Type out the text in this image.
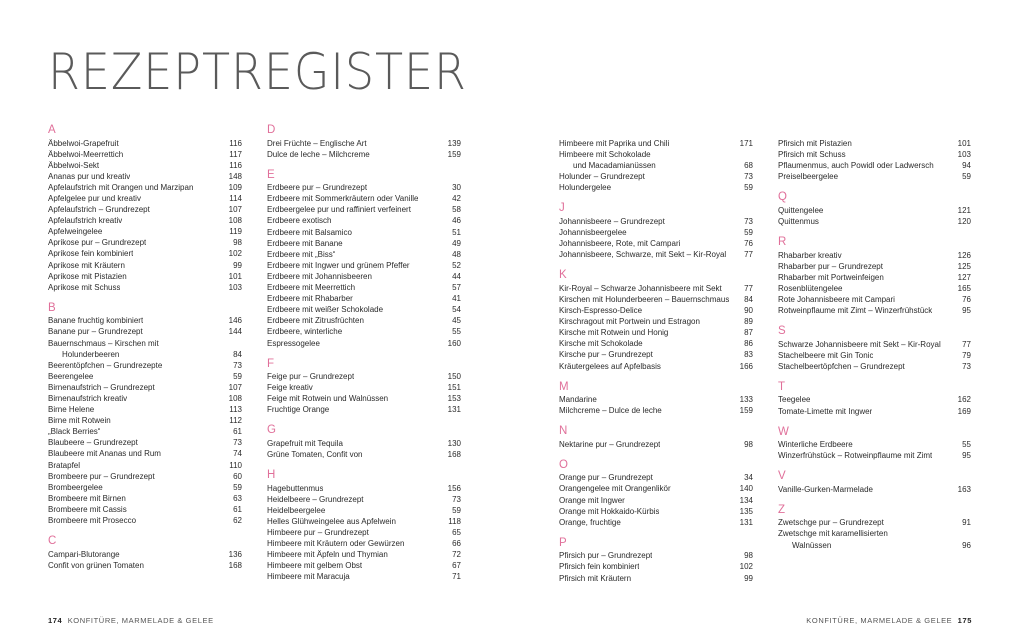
REZEPTREGISTER
A
Äbbelwoi-Grapefruit	116
Äbbelwoi-Meerrettich	117
Äbbelwoi-Sekt	116
Ananas pur und kreativ	148
Apfelaufstrich mit Orangen und Marzipan	109
Apfelgelee pur und kreativ	114
Apfelaufstrich – Grundrezept	107
Apfelaufstrich kreativ	108
Apfelweingelee	119
Aprikose pur – Grundrezept	98
Aprikose fein kombiniert	102
Aprikose mit Kräutern	99
Aprikose mit Pistazien	101
Aprikose mit Schuss	103
B
Banane fruchtig kombiniert	146
Banane pur – Grundrezept	144
Bauernschmaus – Kirschen mit
Holunderbeeren	84
Beerentöpfchen – Grundrezepte	73
Beerengelee	59
Birnenaufstrich – Grundrezept	107
Birnenaufstrich kreativ	108
Birne Helene	113
Birne mit Rotwein	112
„Black Berries“	61
Blaubeere – Grundrezept	73
Blaubeere mit Ananas und Rum	74
Bratapfel	110
Brombeere pur – Grundrezept	60
Brombeergelee	59
Brombeere mit Birnen	63
Brombeere mit Cassis	61
Brombeere mit Prosecco	62
C
Campari-Blutorange	136
Confit von grünen Tomaten	168
D
Drei Früchte – Englische Art	139
Dulce de leche – Milchcreme	159
E
Erdbeere pur – Grundrezept	30
Erdbeere mit Sommerkräutern oder Vanille	42
Erdbeergelee pur und raffiniert verfeinert	58
Erdbeere exotisch	46
Erdbeere mit Balsamico	51
Erdbeere mit Banane	49
Erdbeere mit „Biss“	48
Erdbeere mit Ingwer und grünem Pfeffer	52
Erdbeere mit Johannisbeeren	44
Erdbeere mit Meerrettich	57
Erdbeere mit Rhabarber	41
Erdbeere mit weißer Schokolade	54
Erdbeere mit Zitrusfrüchten	45
Erdbeere, winterliche	55
Espressogelee	160
F
Feige pur – Grundrezept	150
Feige kreativ	151
Feige mit Rotwein und Walnüssen	153
Fruchtige Orange	131
G
Grapefruit mit Tequila	130
Grüne Tomaten, Confit von	168
H
Hagebuttenmus	156
Heidelbeere – Grundrezept	73
Heidelbeergelee	59
Helles Glühweingelee aus Apfelwein	118
Himbeere pur – Grundrezept	65
Himbeere mit Kräutern oder Gewürzen	66
Himbeere mit Äpfeln und Thymian	72
Himbeere mit gelbem Obst	67
Himbeere mit Maracuja	71
Himbeere mit Paprika und Chili	171
Himbeere mit Schokolade
und Macadamianüssen	68
Holunder – Grundrezept	73
Holundergelee	59
J
Johannisbeere – Grundrezept	73
Johannisbeergelee	59
Johannisbeere, Rote, mit Campari	76
Johannisbeere, Schwarze, mit Sekt – Kir-Royal 77
K
Kir-Royal – Schwarze Johannisbeere mit Sekt	77
Kirschen mit Holunderbeeren – Bauernschmaus 84
Kirsch-Espresso-Delice	90
Kirschragout mit Portwein und Estragon	89
Kirsche mit Rotwein und Honig	87
Kirsche mit Schokolade	86
Kirsche pur – Grundrezept	83
Kräutergelees auf Apfelbasis	166
M
Mandarine	133
Milchcreme – Dulce de leche	159
N
Nektarine pur – Grundrezept	98
O
Orange pur – Grundrezept	34
Orangengelee mit Orangenlikör	140
Orange mit Ingwer	134
Orange mit Hokkaido-Kürbis	135
Orange, fruchtige	131
P
Pfirsich pur – Grundrezept	98
Pfirsich fein kombiniert	102
Pfirsich mit Kräutern	99
Pfirsich mit Pistazien	101
Pfirsich mit Schuss	103
Pflaumenmus, auch Powidl oder Ladwersch	94
Preiselbeergelee	59
Q
Quittengelee	121
Quittenmus	120
R
Rhabarber kreativ	126
Rhabarber pur – Grundrezept	125
Rhabarber mit Portweinfeigen	127
Rosenblütengelee	165
Rote Johannisbeere mit Campari	76
Rotweinpflaume mit Zimt – Winzerfrühstück	95
S
Schwarze Johannisbeere mit Sekt – Kir-Royal	77
Stachelbeere mit Gin Tonic	79
Stachelbeertöpfchen – Grundrezept	73
T
Teegelee	162
Tomate-Limette mit Ingwer	169
W
Winterliche Erdbeere	55
Winzerfrühstück – Rotweinpflaume mit Zimt	95
V
Vanille-Gurken-Marmelade	163
Z
Zwetschge pur – Grundrezept	91
Zwetschge mit karamellisierten
Walnüssen	96
174 KONFITÜRE, MARMELADE & GELEE	KONFITÜRE, MARMELADE & GELEE 175
